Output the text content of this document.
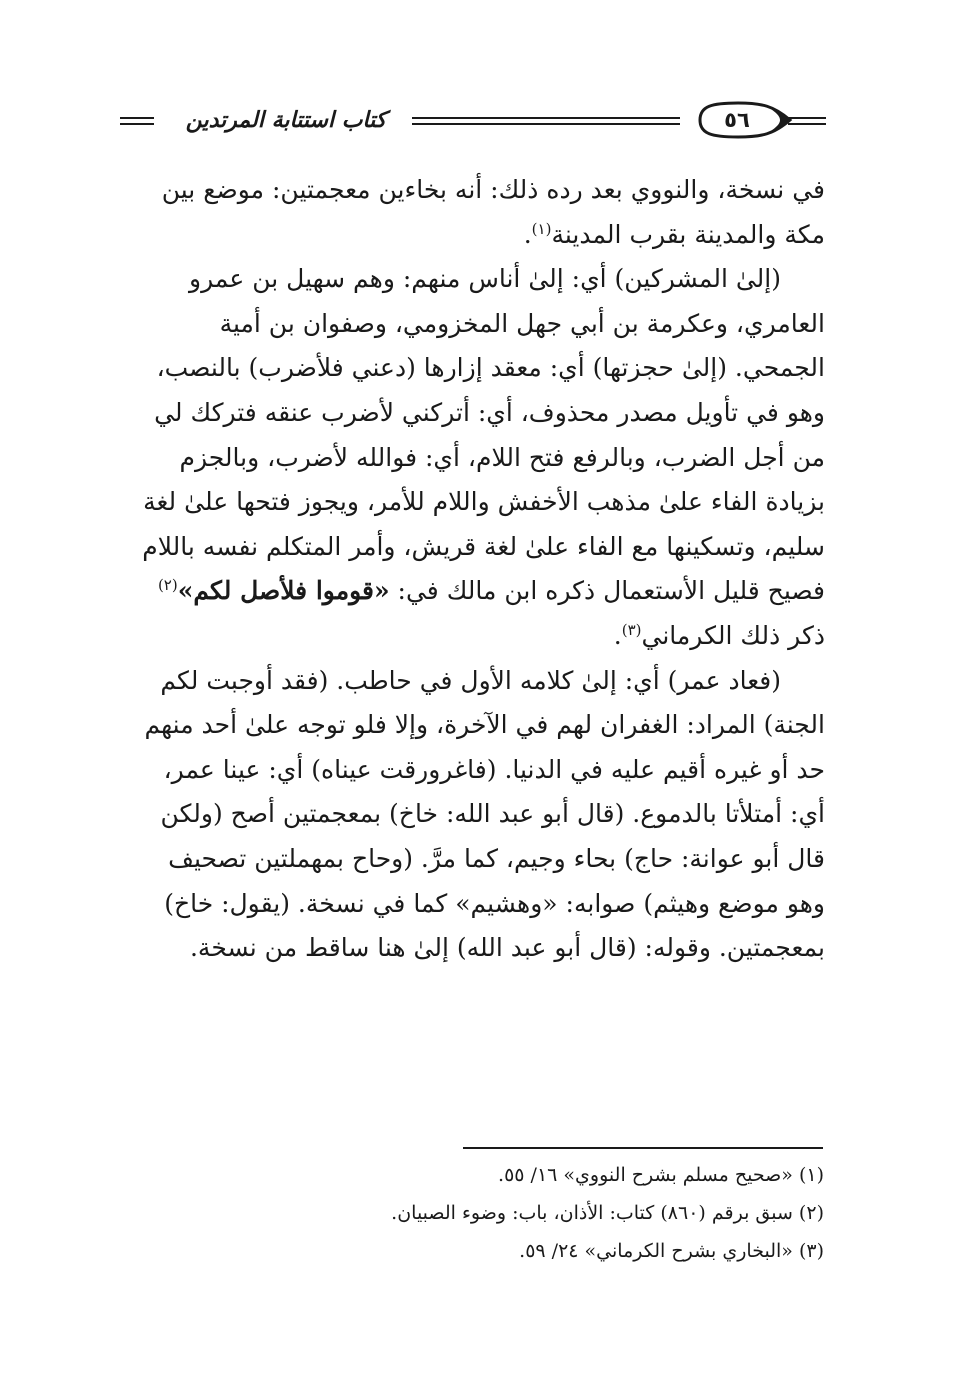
كتاب استتابة المرتدين	٥٦

في نسخة، والنووي بعد رده ذلك: أنه بخاءين معجمتين: موضع بين مكة والمدينة بقرب المدينة$^{(١)}$.

(إلىٰ المشركين) أي: إلىٰ أناس منهم: وهم سهيل بن عمرو العامري، وعكرمة بن أبي جهل المخزومي، وصفوان بن أمية الجمحي. (إلىٰ حجزتها) أي: معقد إزارها (دعني فلأضرب) بالنصب، وهو في تأويل مصدر محذوف، أي: أتركني لأضرب عنقه فتركك لي من أجل الضرب، وبالرفع فتح اللام، أي: فوالله لأضرب، وبالجزم بزيادة الفاء علىٰ مذهب الأخفش واللام للأمر، ويجوز فتحها علىٰ لغة سليم، وتسكينها مع الفاء علىٰ لغة قريش، وأمر المتكلم نفسه باللام فصيح قليل الأستعمال ذكره ابن مالك في: «قوموا فلأصل لكم»$^{(٢)}$ ذكر ذلك الكرماني$^{(٣)}$.

(فعاد عمر) أي: إلىٰ كلامه الأول في حاطب. (فقد أوجبت لكم الجنة) المراد: الغفران لهم في الآخرة، وإلا فلو توجه علىٰ أحد منهم حد أو غيره أقيم عليه في الدنيا. (فاغرورقت عيناه) أي: عينا عمر، أي: أمتلأتا بالدموع. (قال أبو عبد الله: خاخ) بمعجمتين أصح (ولكن قال أبو عوانة: حاج) بحاء وجيم، كما مرَّ. (وحاح بمهملتين تصحيف وهو موضع وهيثم) صوابه: «وهشيم» كما في نسخة. (يقول: خاخ) بمعجمتين. وقوله: (قال أبو عبد الله) إلىٰ هنا ساقط من نسخة.

(١) «صحيح مسلم بشرح النووي» ١٦/ ٥٥.

(٢) سبق برقم (٨٦٠) كتاب: الأذان، باب: وضوء الصبيان.

(٣) «البخاري بشرح الكرماني» ٢٤/ ٥٩.
